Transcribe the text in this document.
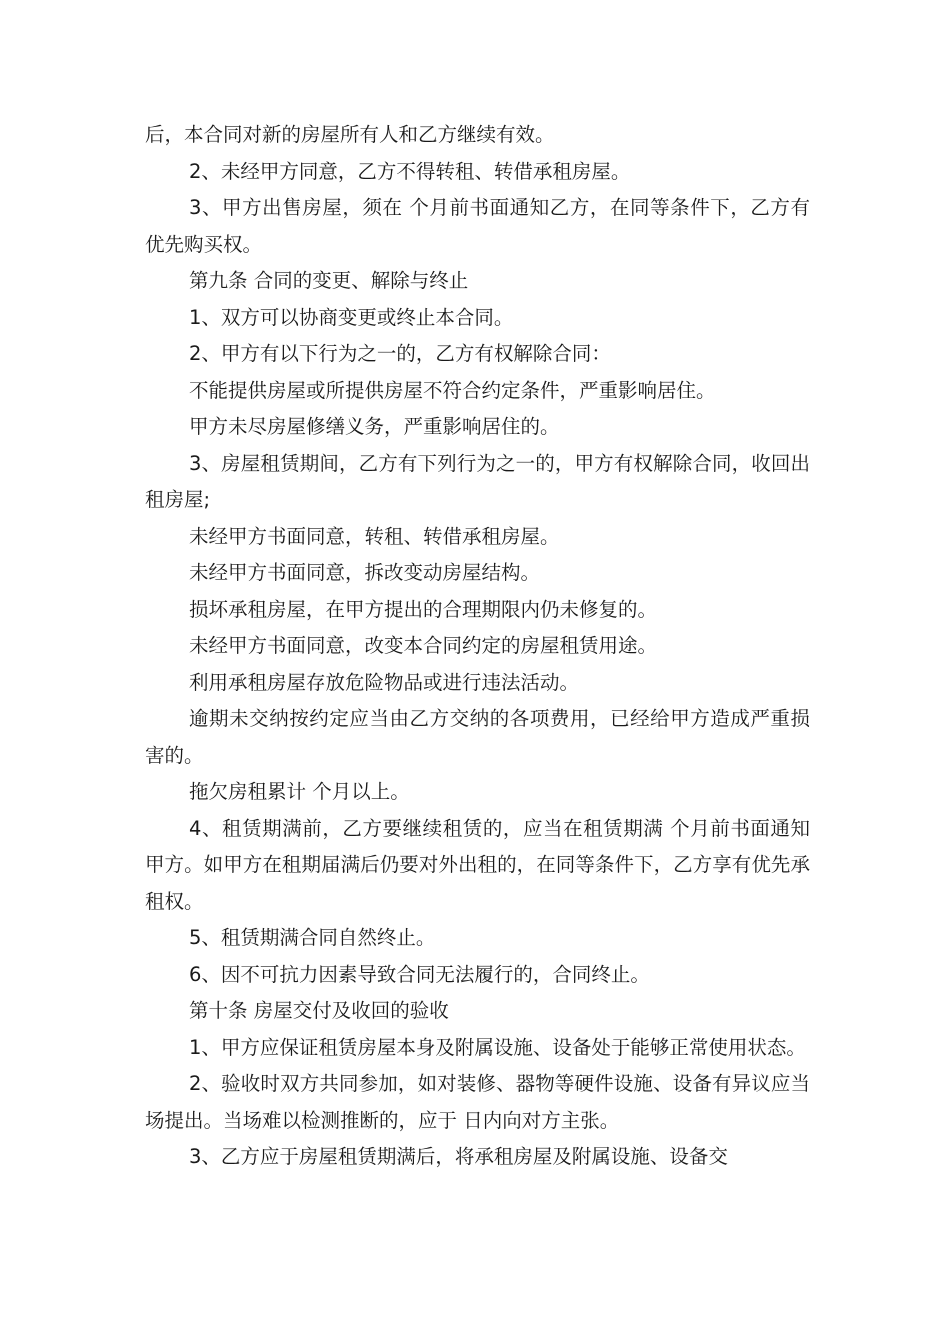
后，本合同对新的房屋所有人和乙方继续有效。

2、未经甲方同意，乙方不得转租、转借承租房屋。

3、甲方出售房屋，须在 个月前书面通知乙方，在同等条件下，乙方有优先购买权。

第九条 合同的变更、解除与终止

1、双方可以协商变更或终止本合同。

2、甲方有以下行为之一的，乙方有权解除合同：

不能提供房屋或所提供房屋不符合约定条件，严重影响居住。

甲方未尽房屋修缮义务，严重影响居住的。

3、房屋租赁期间，乙方有下列行为之一的，甲方有权解除合同，收回出租房屋;

未经甲方书面同意，转租、转借承租房屋。

未经甲方书面同意，拆改变动房屋结构。

损坏承租房屋，在甲方提出的合理期限内仍未修复的。

未经甲方书面同意，改变本合同约定的房屋租赁用途。

利用承租房屋存放危险物品或进行违法活动。

逾期未交纳按约定应当由乙方交纳的各项费用，已经给甲方造成严重损害的。

拖欠房租累计 个月以上。

4、租赁期满前，乙方要继续租赁的，应当在租赁期满 个月前书面通知甲方。如甲方在租期届满后仍要对外出租的，在同等条件下，乙方享有优先承租权。

5、租赁期满合同自然终止。

6、因不可抗力因素导致合同无法履行的，合同终止。

第十条 房屋交付及收回的验收

1、甲方应保证租赁房屋本身及附属设施、设备处于能够正常使用状态。

2、验收时双方共同参加，如对装修、器物等硬件设施、设备有异议应当场提出。当场难以检测推断的，应于 日内向对方主张。

3、乙方应于房屋租赁期满后，将承租房屋及附属设施、设备交
